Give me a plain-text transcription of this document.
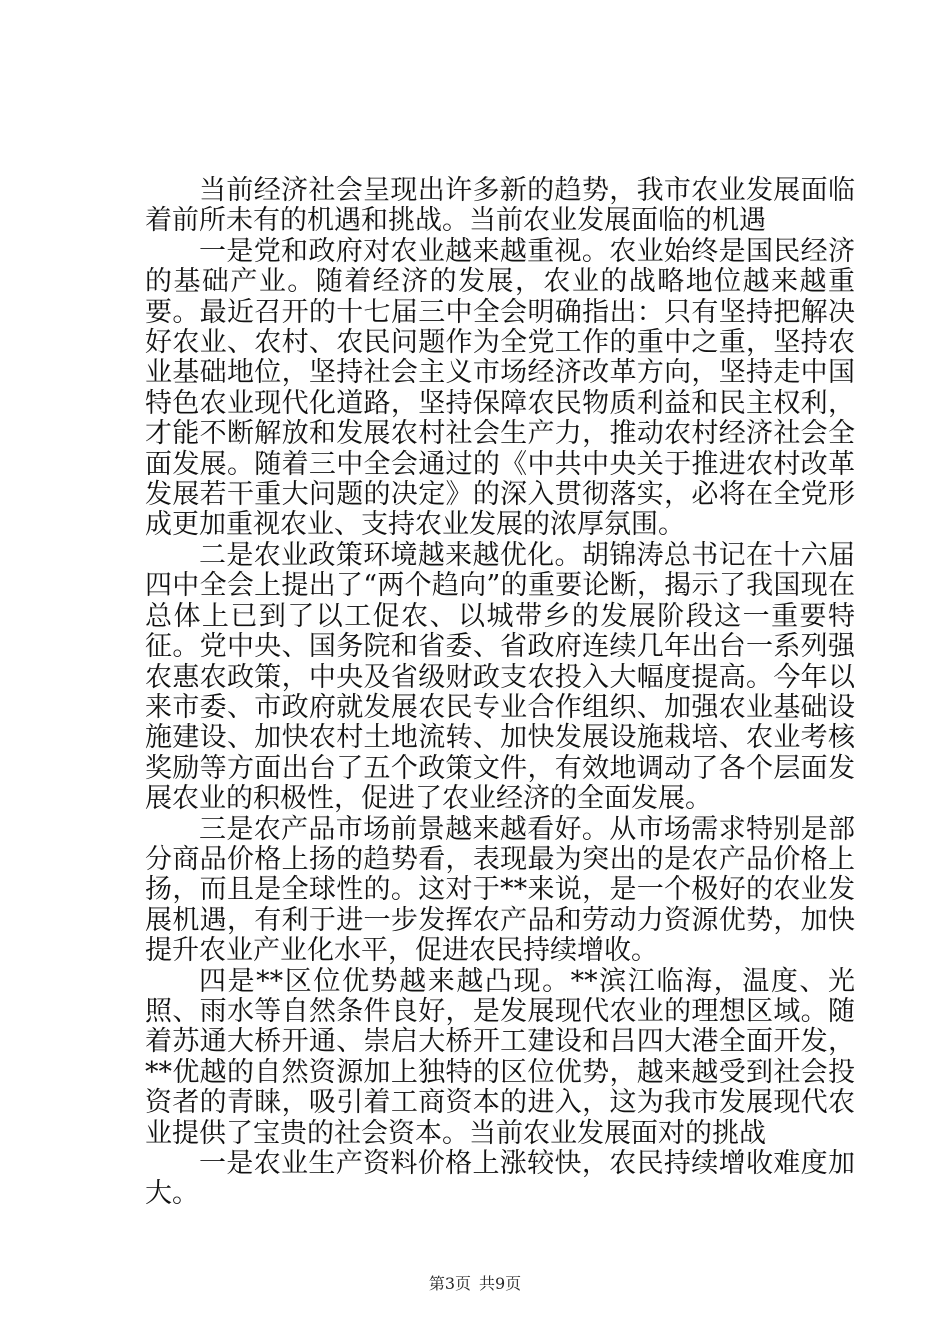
当前经济社会呈现出许多新的趋势，我市农业发展面临着前所未有的机遇和挑战。当前农业发展面临的机遇

一是党和政府对农业越来越重视。农业始终是国民经济的基础产业。随着经济的发展，农业的战略地位越来越重要。最近召开的十七届三中全会明确指出：只有坚持把解决好农业、农村、农民问题作为全党工作的重中之重，坚持农业基础地位，坚持社会主义市场经济改革方向，坚持走中国特色农业现代化道路，坚持保障农民物质利益和民主权利，才能不断解放和发展农村社会生产力，推动农村经济社会全面发展。随着三中全会通过的《中共中央关于推进农村改革发展若干重大问题的决定》的深入贯彻落实，必将在全党形成更加重视农业、支持农业发展的浓厚氛围。

二是农业政策环境越来越优化。胡锦涛总书记在十六届四中全会上提出了“两个趋向”的重要论断，揭示了我国现在总体上已到了以工促农、以城带乡的发展阶段这一重要特征。党中央、国务院和省委、省政府连续几年出台一系列强农惠农政策，中央及省级财政支农投入大幅度提高。今年以来市委、市政府就发展农民专业合作组织、加强农业基础设施建设、加快农村土地流转、加快发展设施栽培、农业考核奖励等方面出台了五个政策文件，有效地调动了各个层面发展农业的积极性，促进了农业经济的全面发展。

三是农产品市场前景越来越看好。从市场需求特别是部分商品价格上扬的趋势看，表现最为突出的是农产品价格上扬，而且是全球性的。这对于**来说，是一个极好的农业发展机遇，有利于进一步发挥农产品和劳动力资源优势，加快提升农业产业化水平，促进农民持续增收。

四是**区位优势越来越凸现。**滨江临海，温度、光照、雨水等自然条件良好，是发展现代农业的理想区域。随着苏通大桥开通、崇启大桥开工建设和吕四大港全面开发，**优越的自然资源加上独特的区位优势，越来越受到社会投资者的青睐，吸引着工商资本的进入，这为我市发展现代农业提供了宝贵的社会资本。当前农业发展面对的挑战

一是农业生产资料价格上涨较快，农民持续增收难度加大。

第3页 共9页
